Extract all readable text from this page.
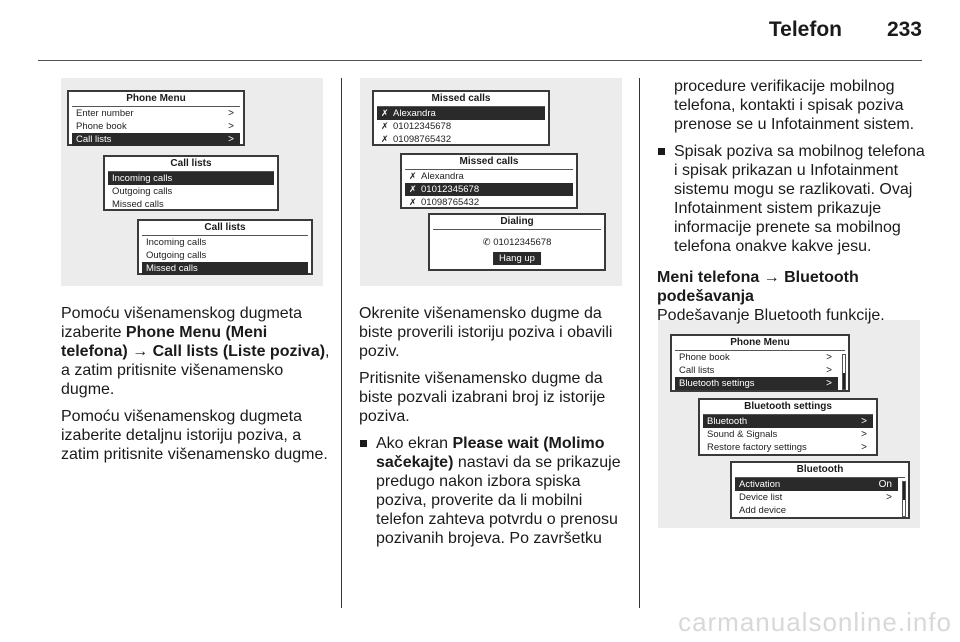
Telefon 233
Phone Menu
Enter number	>
Phone book	>
Call lists	>
Call lists
Incoming calls
Outgoing calls
Missed calls
Call lists
Incoming calls
Outgoing calls
Missed calls
Missed calls
✗ Alexandra
✗ 01012345678
✗ 01098765432
Missed calls
✗ Alexandra
✗ 01012345678
✗ 01098765432
Dialing
✆ 01012345678
Hang up
Phone Menu
Phone book	>
Call lists	>
Bluetooth settings	>
Bluetooth settings
Bluetooth	>
Sound & Signals	>
Restore factory settings	>
Bluetooth
Activation	On
Device list	>
Add device

Pomoću višenamenskog dugmeta izaberite Phone Menu (Meni telefona) → Call lists (Liste poziva), a zatim pritisnite višenamensko dugme.

Pomoću višenamenskog dugmeta izaberite detaljnu istoriju poziva, a zatim pritisnite višenamensko dugme.

Okrenite višenamensko dugme da biste proverili istoriju poziva i obavili poziv.

Pritisnite višenamensko dugme da biste pozvali izabrani broj iz istorije poziva.

Ako ekran Please wait (Molimo sačekajte) nastavi da se prikazuje predugo nakon izbora spiska poziva, proverite da li mobilni telefon zahteva potvrdu o prenosu pozivanih brojeva. Po završetku

procedure verifikacije mobilnog telefona, kontakti i spisak poziva prenose se u Infotainment sistem.

Spisak poziva sa mobilnog telefona i spisak prikazan u Infotainment sistemu mogu se razlikovati. Ovaj Infotainment sistem prikazuje informacije prenete sa mobilnog telefona onakve kakve jesu.
Meni telefona → Bluetooth podešavanja

Podešavanje Bluetooth funkcije.

carmanualsonline.info
